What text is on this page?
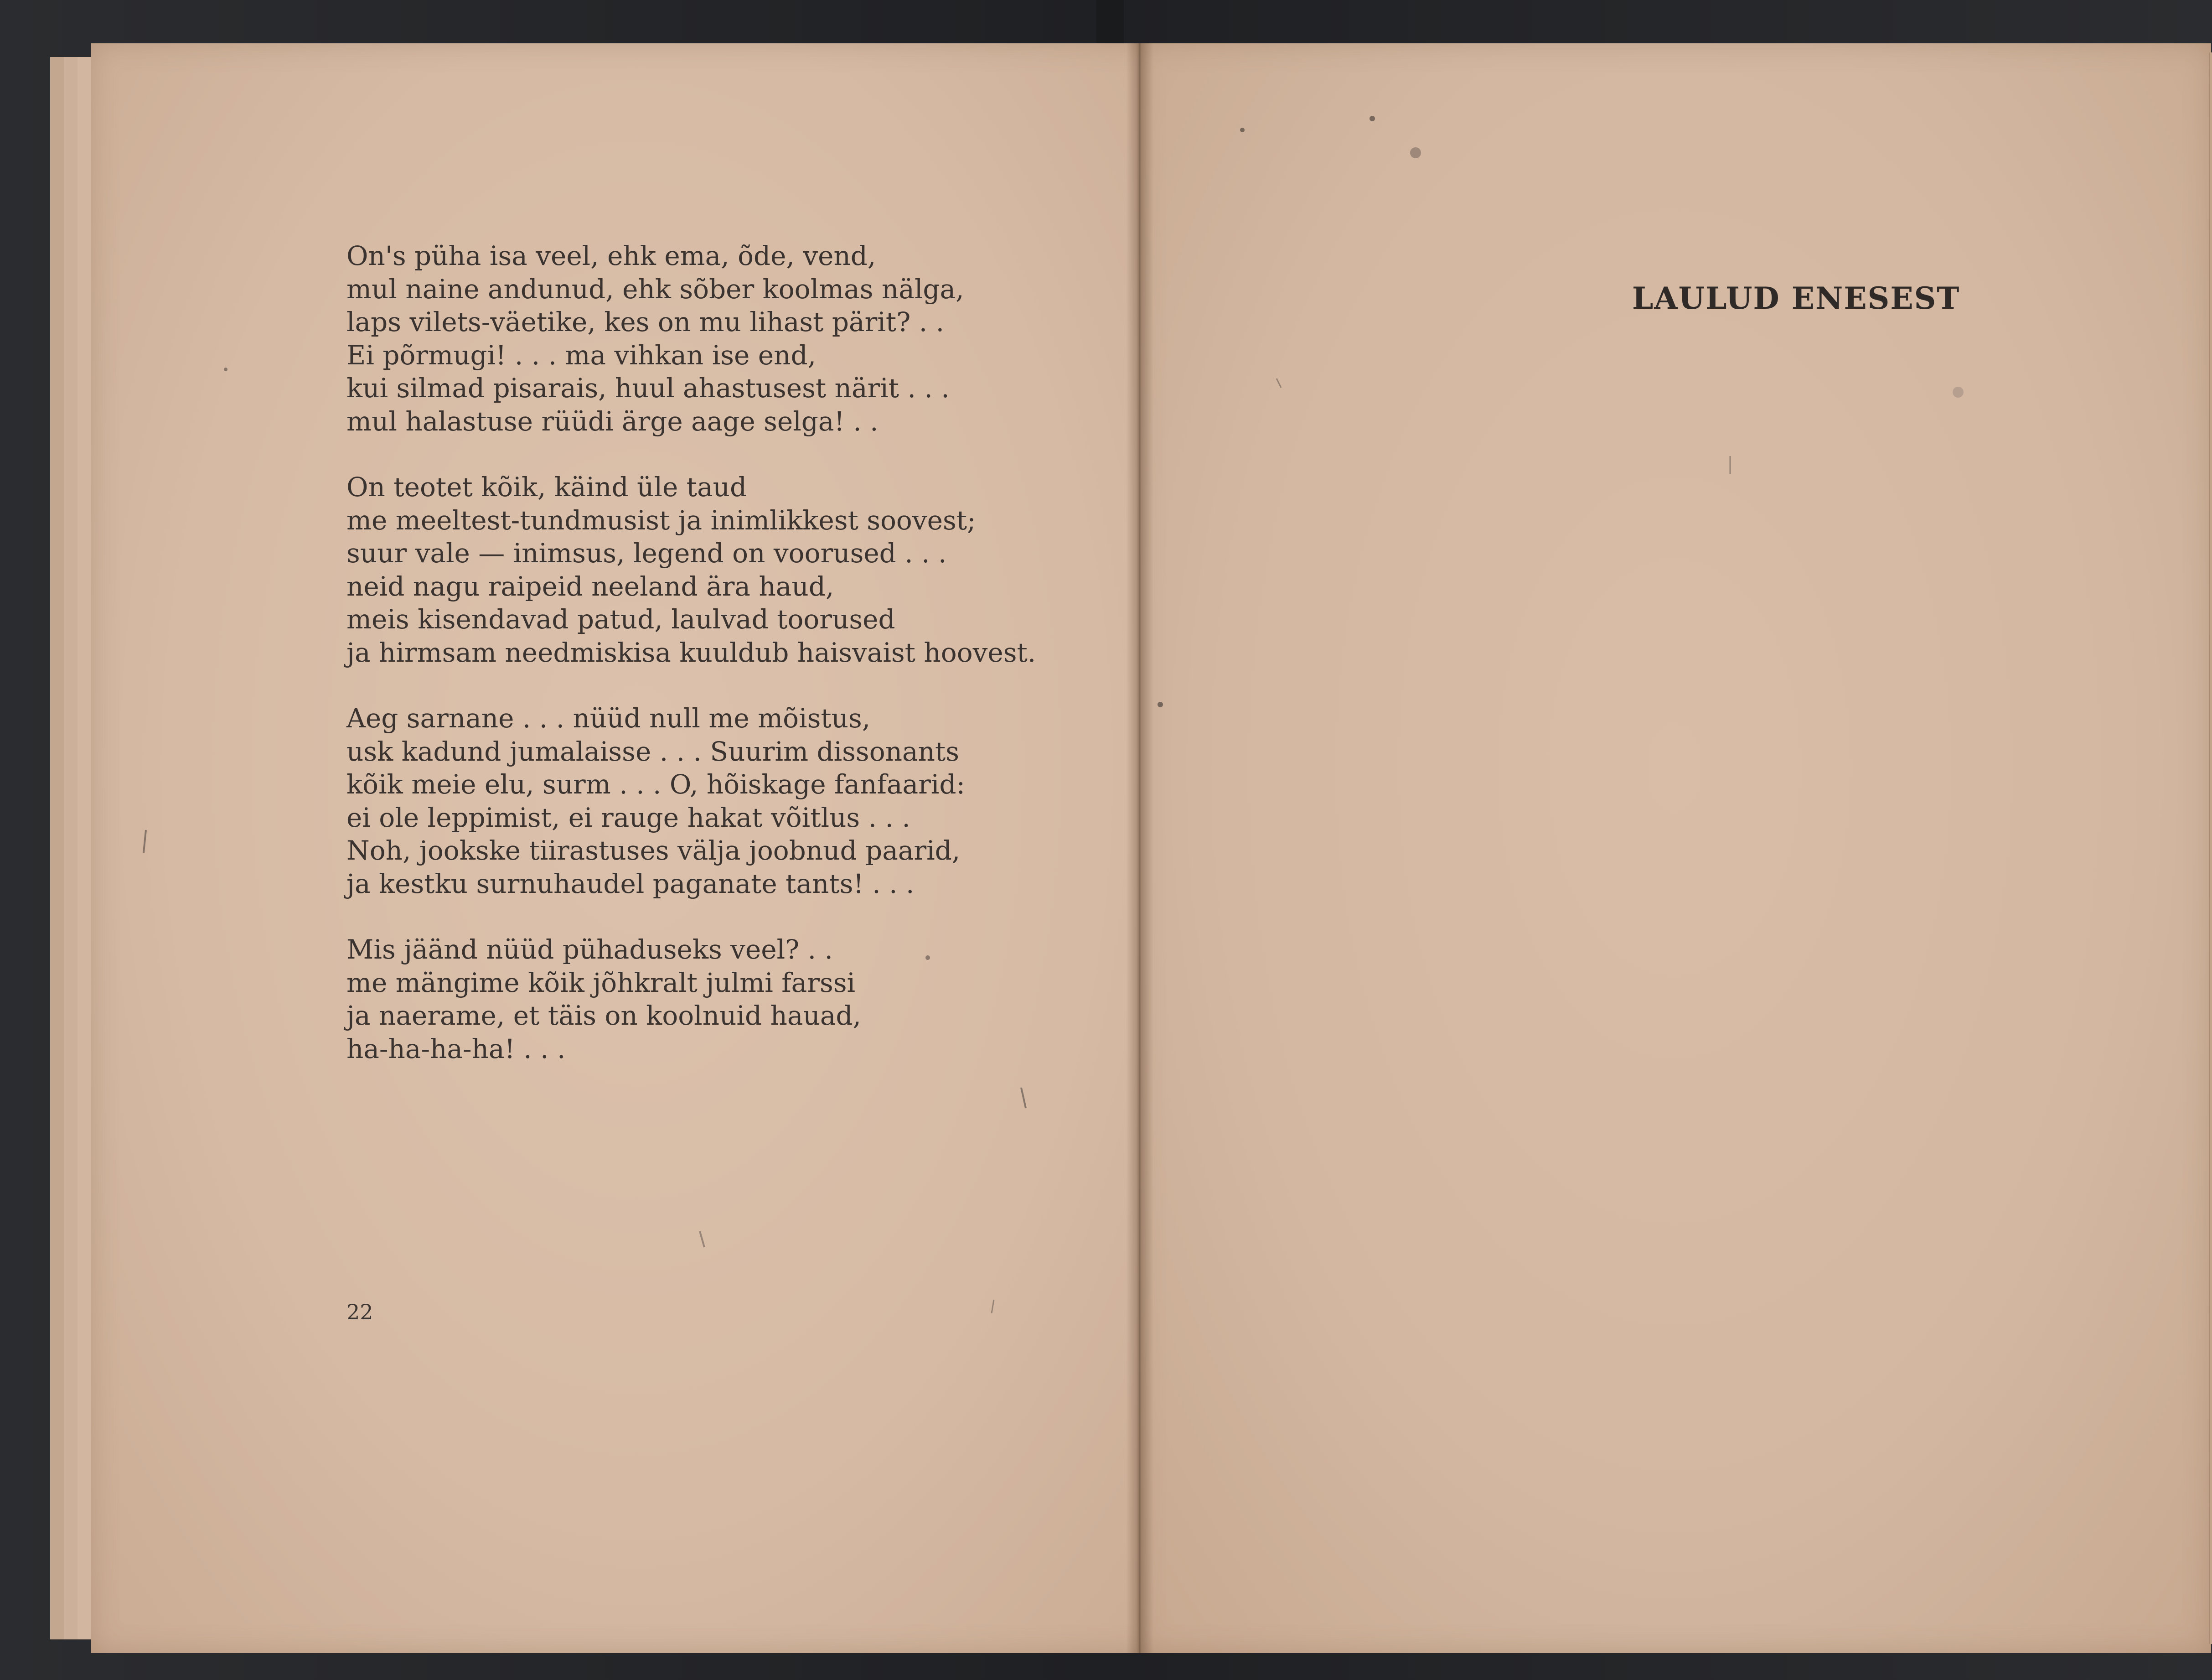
On's püha isa veel, ehk ema, õde, vend,
mul naine andunud, ehk sõber koolmas nälga,
laps vilets-väetike, kes on mu lihast pärit? . .
Ei põrmugi! . . . ma vihkan ise end,
kui silmad pisarais, huul ahastusest närit . . .
mul halastuse rüüdi ärge aage selga! . .
On teotet kõik, käind üle taud
me meeltest-tundmusist ja inimlikkest soovest;
suur vale — inimsus, legend on voorused . . .
neid nagu raipeid neeland ära haud,
meis kisendavad patud, laulvad toorused
ja hirmsam needmiskisa kuuldub haisvaist hoovest.
Aeg sarnane . . . nüüd null me mõistus,
usk kadund jumalaisse . . . Suurim dissonants
kõik meie elu, surm . . . O, hõiskage fanfaarid:
ei ole leppimist, ei rauge hakat võitlus . . .
Noh, jookske tiirastuses välja joobnud paarid,
ja kestku surnuhaudel paganate tants! . . .
Mis jäänd nüüd pühaduseks veel? . .
me mängime kõik jõhkralt julmi farssi
ja naerame, et täis on koolnuid hauad,
ha-ha-ha-ha! . . .
22
LAULUD ENESEST
